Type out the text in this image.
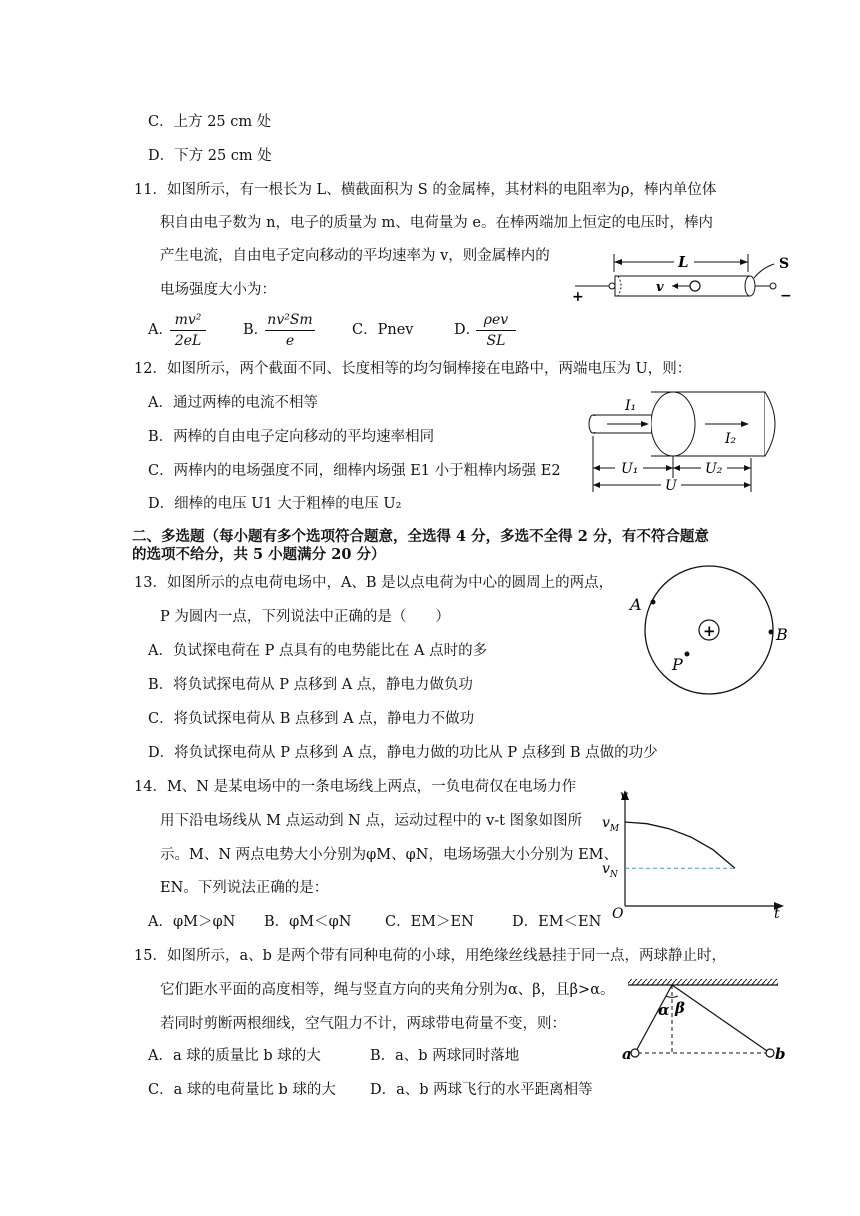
C．上方 25 cm 处
D．下方 25 cm 处
11．如图所示，有一根长为 L、横截面积为 S 的金属棒，其材料的电阻率为ρ，棒内单位体
积自由电子数为 n，电子的质量为 m、电荷量为 e。在棒两端加上恒定的电压时，棒内
产生电流，自由电子定向移动的平均速率为 v，则金属棒内的
电场强度大小为：
A．
mv²
2eL
B．
nv²Sm
e
C．Pnev	D．
ρev
SL
L	S
v
+	−
12．如图所示，两个截面不同、长度相等的均匀铜棒接在电路中，两端电压为 U，则：
A．通过两棒的电流不相等
B．两棒的自由电子定向移动的平均速率相同
C．两棒内的电场强度不同，细棒内场强 E1 小于粗棒内场强 E2
D．细棒的电压 U1 大于粗棒的电压 U₂
I₁
I₂
U₁	U₂
U
二、多选题（每小题有多个选项符合题意，全选得 4 分，多选不全得 2 分，有不符合题意
的选项不给分，共 5 小题满分 20 分）
13．如图所示的点电荷电场中，A、B 是以点电荷为中心的圆周上的两点，
P 为圆内一点，下列说法中正确的是（　　）
A．负试探电荷在 P 点具有的电势能比在 A 点时的多
B．将负试探电荷从 P 点移到 A 点，静电力做负功
C．将负试探电荷从 B 点移到 A 点，静电力不做功
D．将负试探电荷从 P 点移到 A 点，静电力做的功比从 P 点移到 B 点做的功少
+
A
B
P
14．M、N 是某电场中的一条电场线上两点，一负电荷仅在电场力作
用下沿电场线从 M 点运动到 N 点，运动过程中的 v-t 图象如图所
示。M、N 两点电势大小分别为φM、φN，电场场强大小分别为 EM、
EN。下列说法正确的是：
A．φM＞φN B．φM＜φN C．EM＞EN	D．EM＜EN
v
t
O
$v_M$
$v_N$
15．如图所示，a、b 是两个带有同种电荷的小球，用绝缘丝线悬挂于同一点，两球静止时，
它们距水平面的高度相等，绳与竖直方向的夹角分别为α、β，且β>α。
若同时剪断两根细线，空气阻力不计，两球带电荷量不变，则：
A．a 球的质量比 b 球的大	B．a、b 两球同时落地
C．a 球的电荷量比 b 球的大 D．a、b 两球飞行的水平距离相等
α β
a	b
